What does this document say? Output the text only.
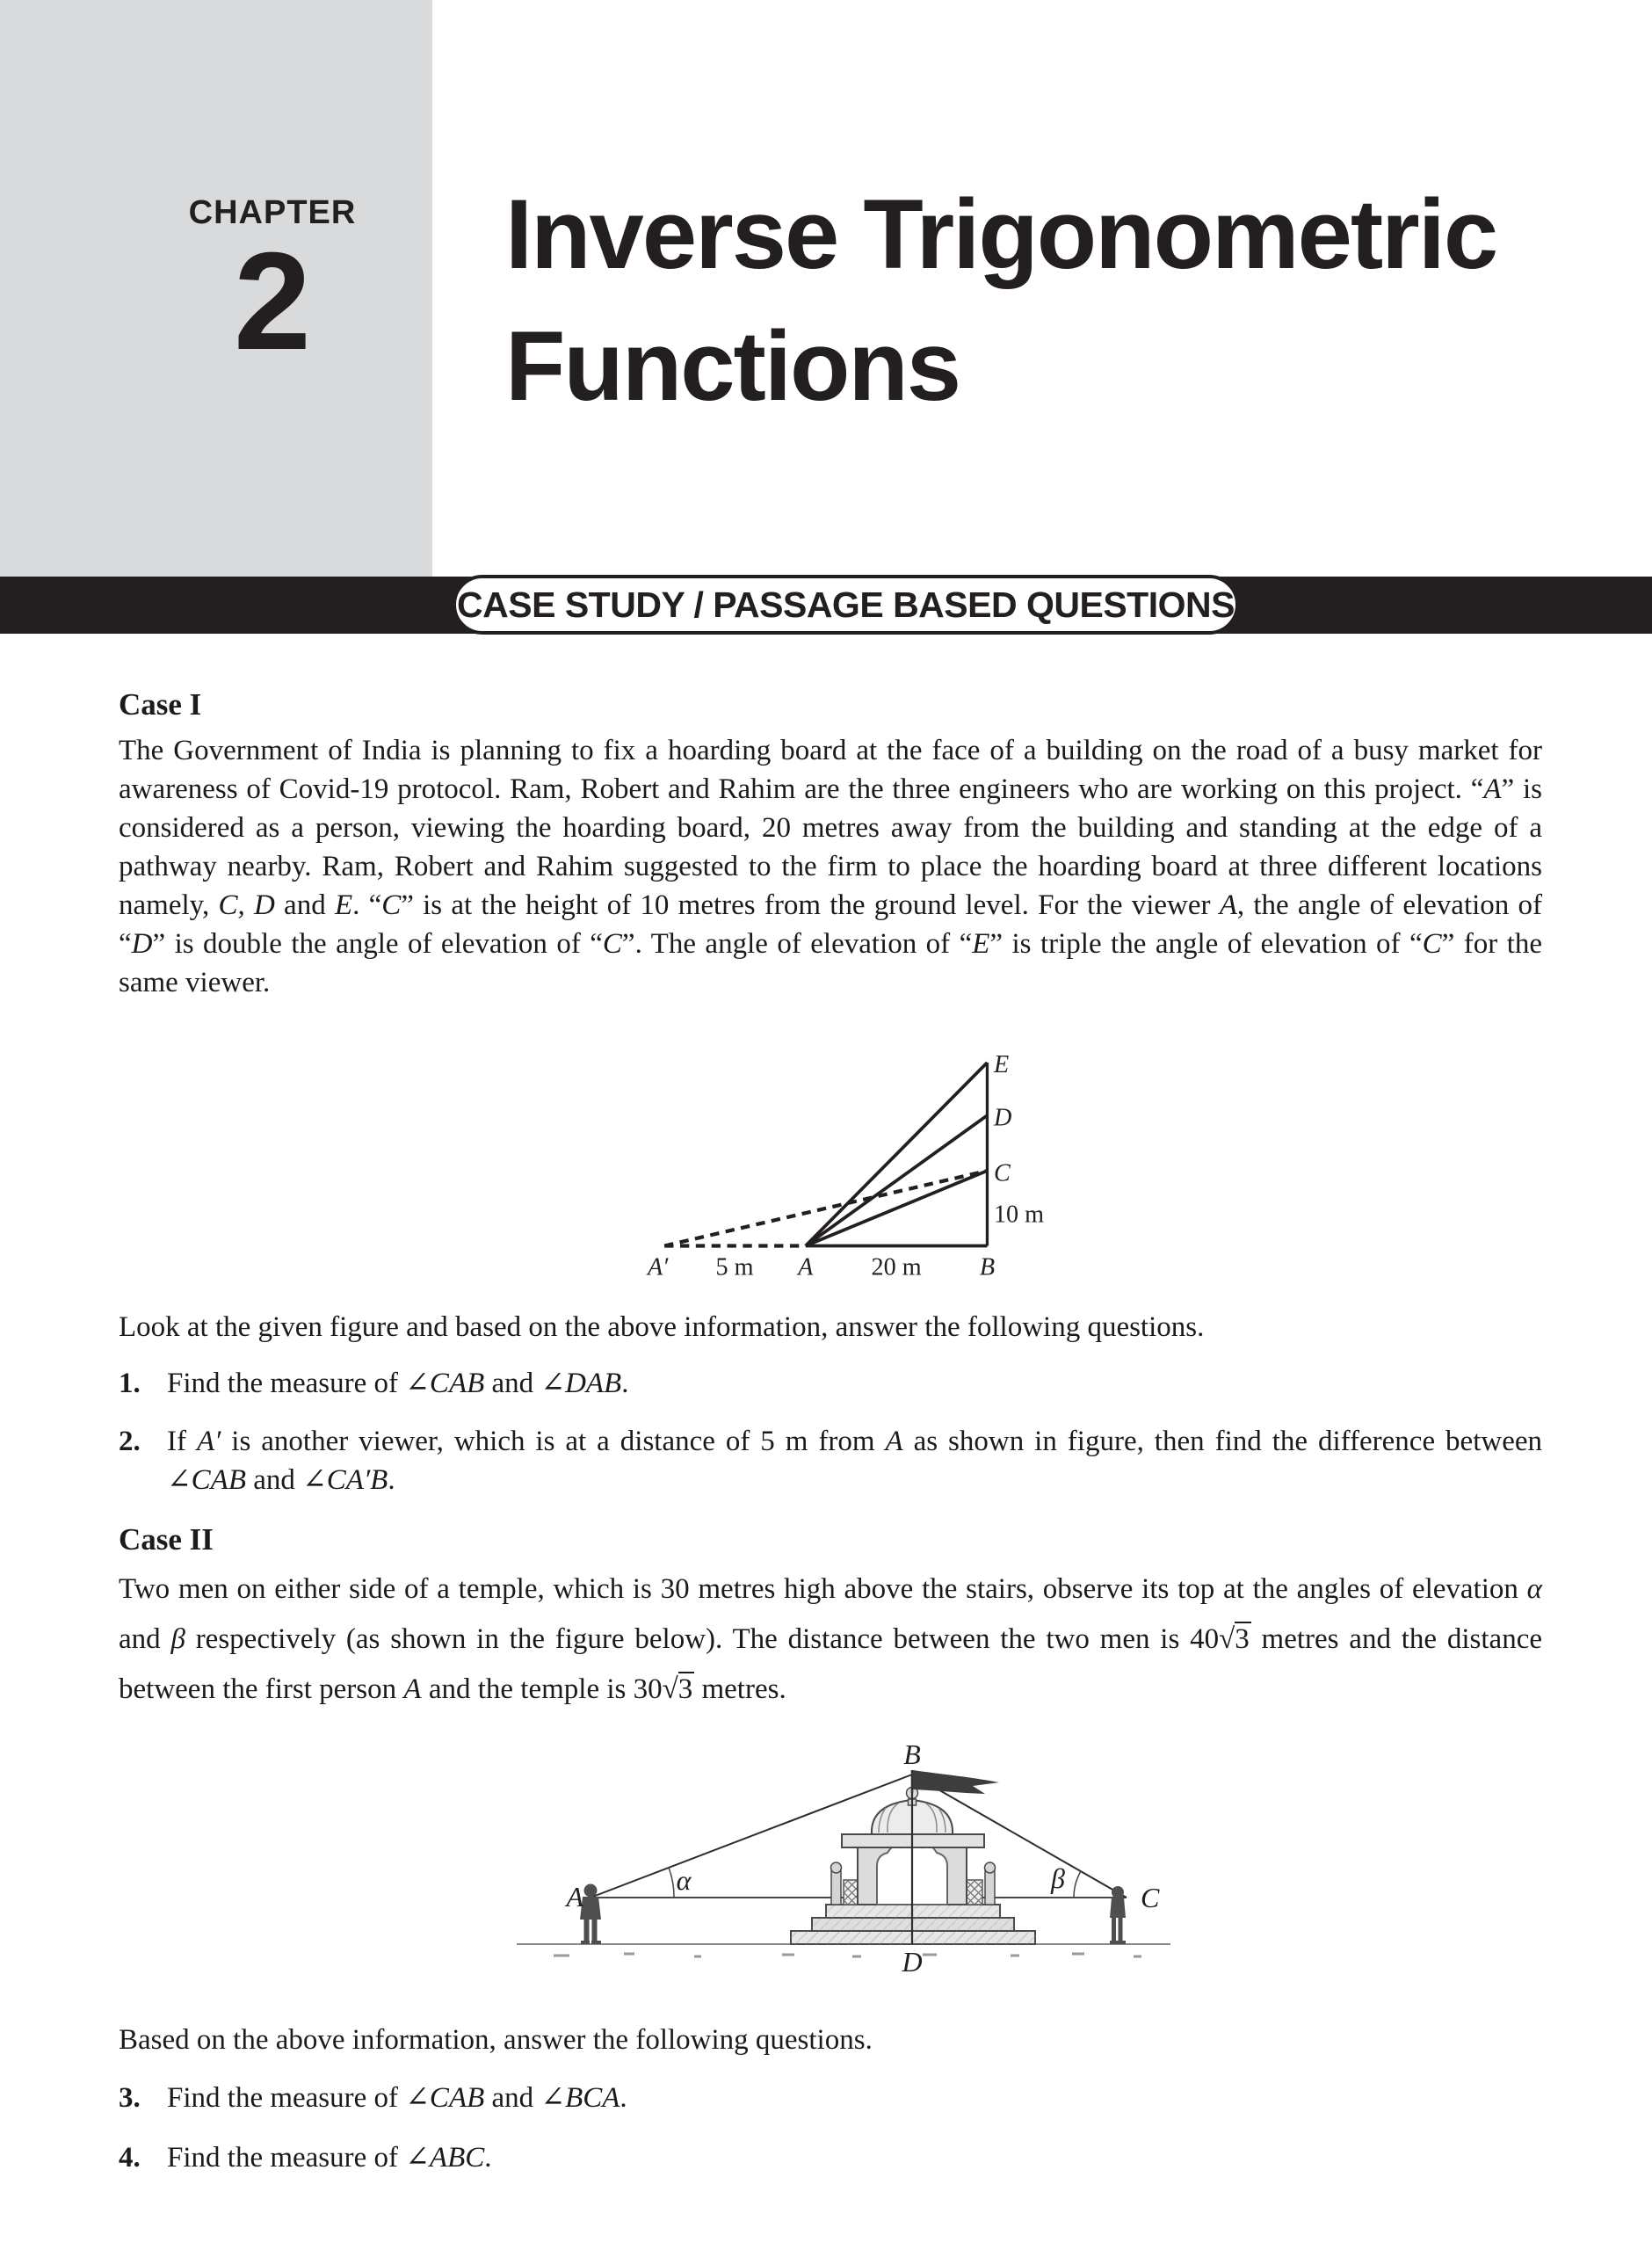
CHAPTER
2	Inverse Trigonometric
Functions
CASE STUDY / PASSAGE BASED QUESTIONS
Case I
The Government of India is planning to fix a hoarding board at the face of a building on the road of a busy market for awareness of Covid-19 protocol. Ram, Robert and Rahim are the three engineers who are working on this project. “A” is considered as a person, viewing the hoarding board, 20 metres away from the building and standing at the edge of a pathway nearby. Ram, Robert and Rahim suggested to the firm to place the hoarding board at three different locations namely, C, D and E. “C” is at the height of 10 metres from the ground level. For the viewer A, the angle of elevation of “D” is double the angle of elevation of “C”. The angle of elevation of “E” is triple the angle of elevation of “C” for the same viewer.
E
D
C
10 m
A′ 5 m A 20 m B
Look at the given figure and based on the above information, answer the following questions.
1. Find the measure of ∠CAB and ∠DAB.
2. If A′ is another viewer, which is at a distance of 5 m from A as shown in figure, then find the difference between ∠CAB and ∠CA′B.
Case II
Two men on either side of a temple, which is 30 metres high above the stairs, observe its top at the angles of elevation α and β respectively (as shown in the figure below). The distance between the two men is 40√3 metres and the distance between the first person A and the temple is 30√3 metres.
B
A	C
D
α	β
Based on the above information, answer the following questions.
3. Find the measure of ∠CAB and ∠BCA.
4. Find the measure of ∠ABC.
